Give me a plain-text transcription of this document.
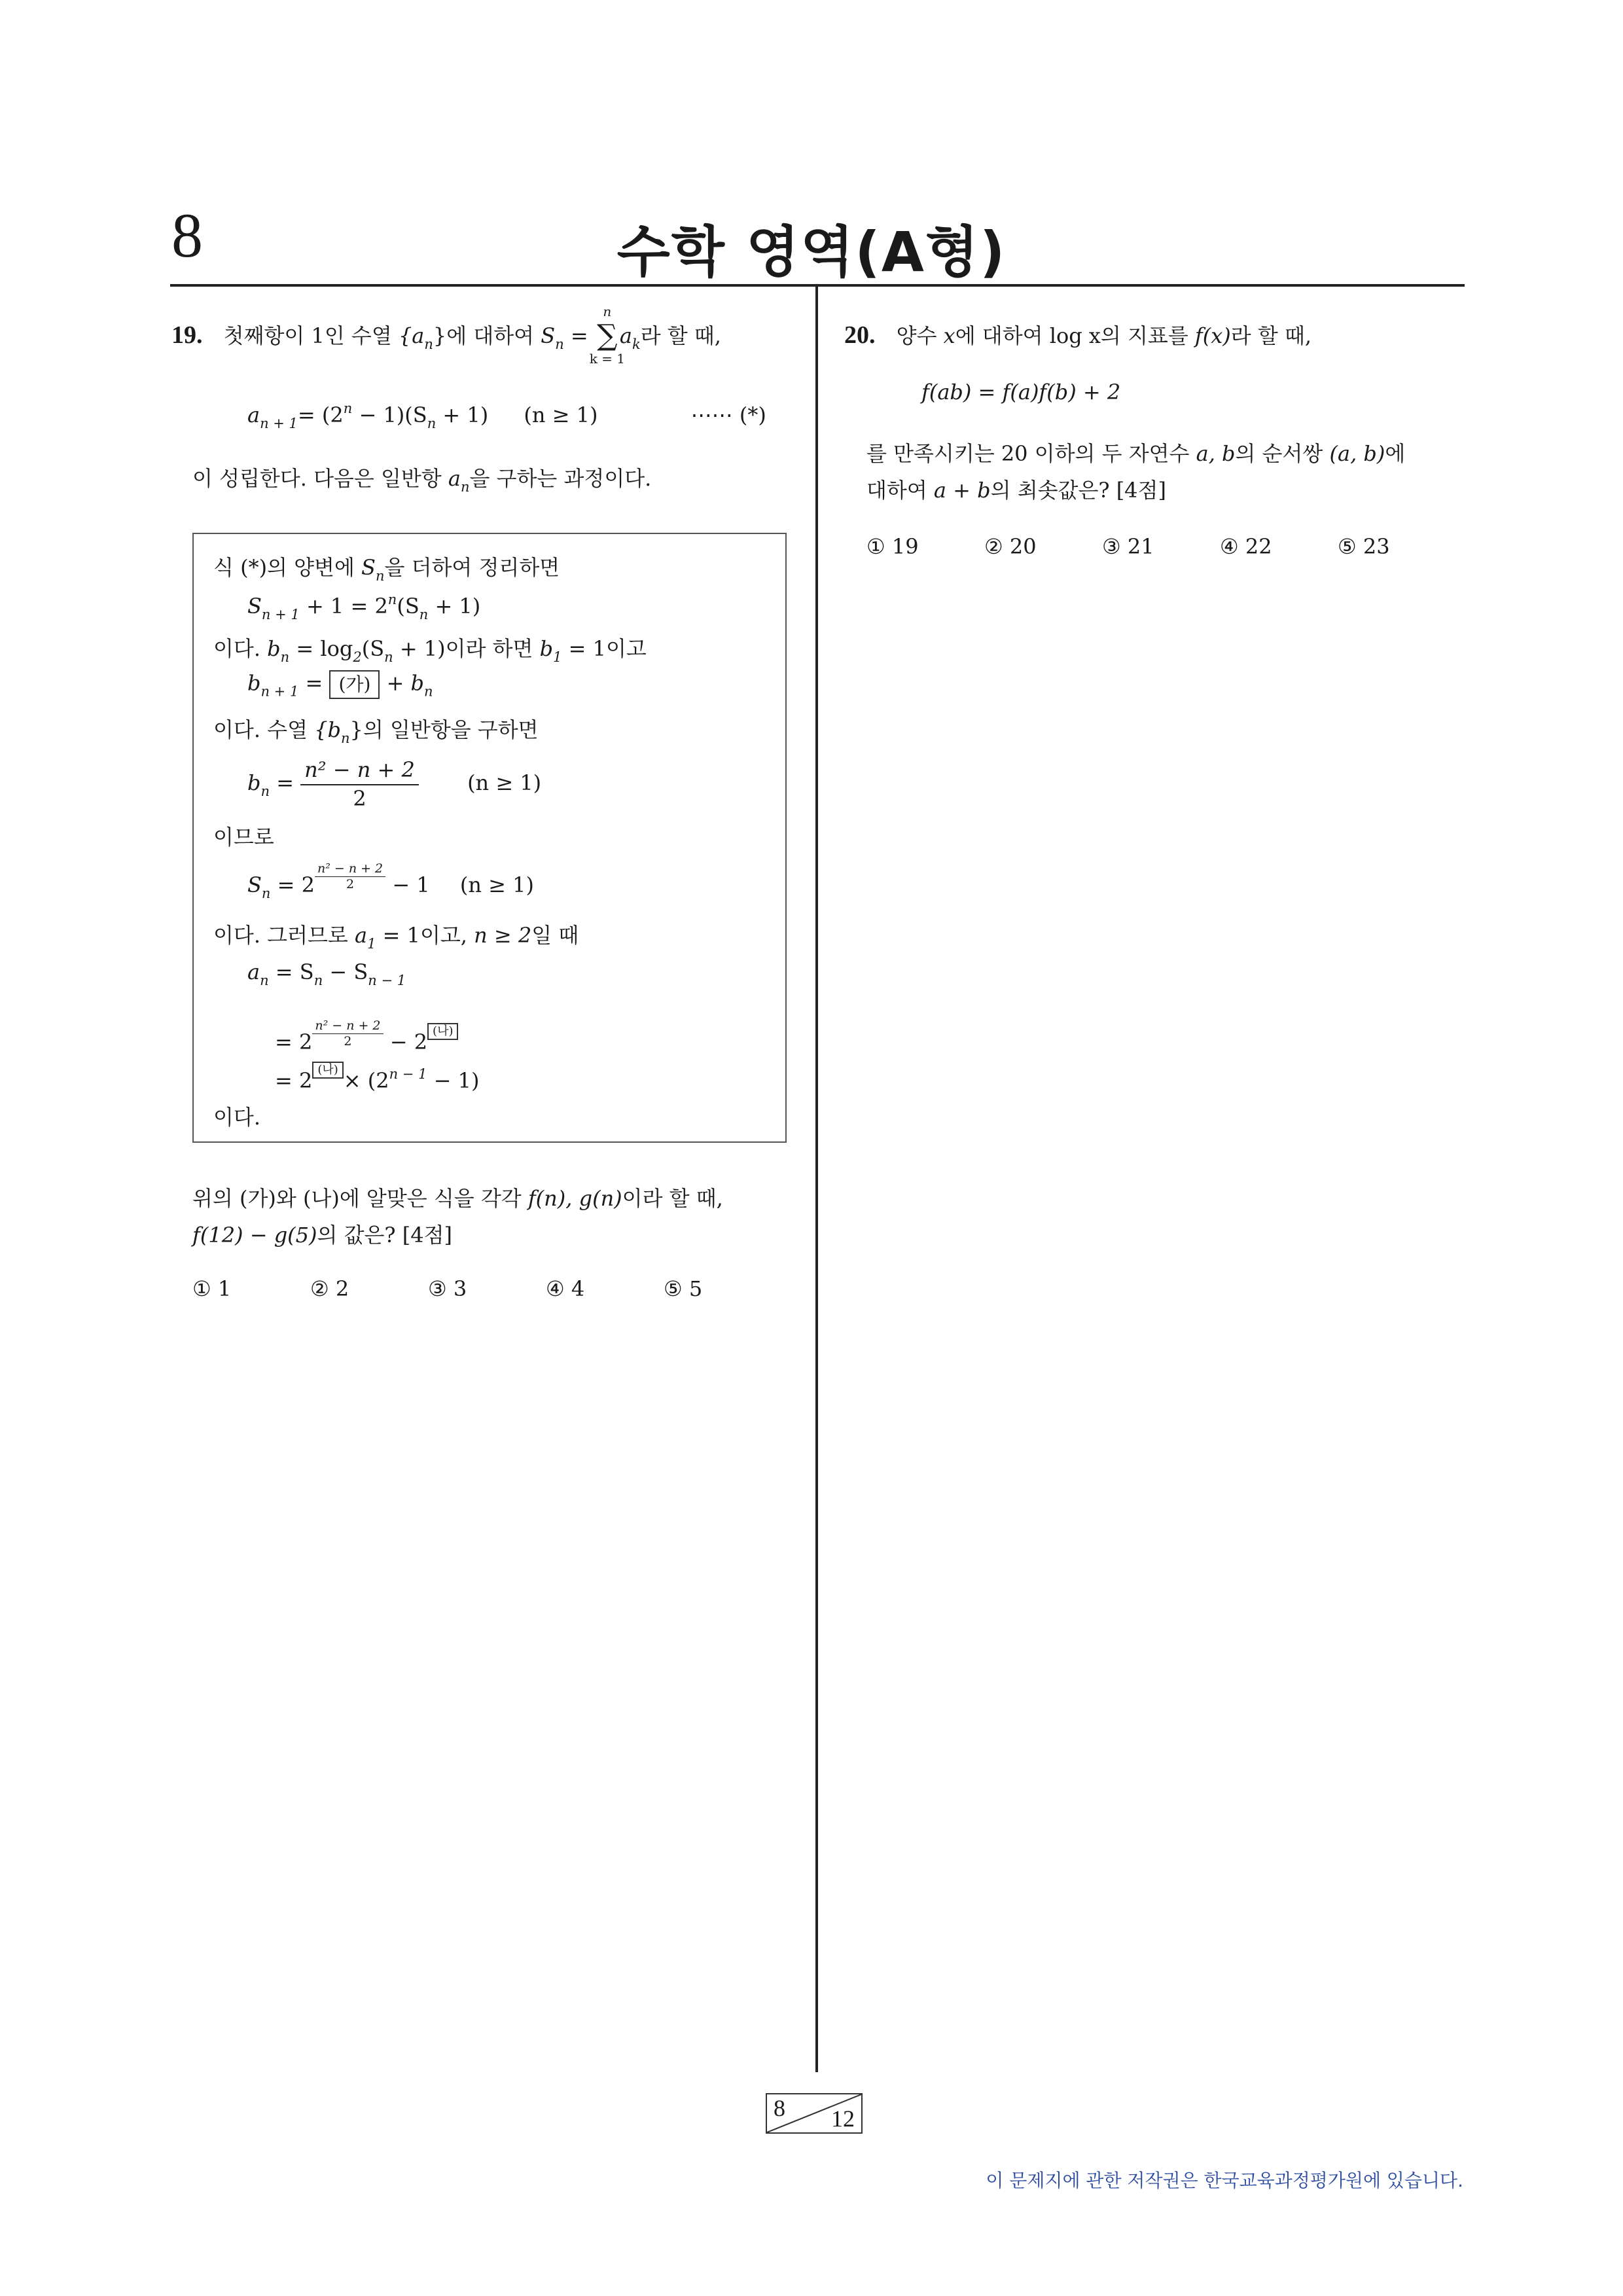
8	수학 영역(A형)
19. 첫째항이 1인 수열 $\{a_n\}$에 대하여 $S_n$ =
n
∑
k = 1
$a_k$라 할 때,
$a_{n + 1}= (2^n - 1)(S_n + 1) (n \ge 1)$	⋯⋯ (*)
이 성립한다. 다음은 일반항 $a_n$을 구하는 과정이다.
식 (*)의 양변에 $S_n$을 더하여 정리하면
$S_{n + 1} + 1 = 2^n(S_n + 1)$
이다. $b_n = \log_2(S_n + 1)$이라 하면 $b_1 = 1$이고
$b_{n + 1}$ = (가) + $b_n$
이다. 수열 $\{b_n\}$의 일반항을 구하면
$b_n = \frac{\text{n² − n + 2}}{2} (n \ge 1)$
이므로
$S_n = 2 \frac{\text{n² − n + 2}}{2} - 1$ (n ≥ 1)
이다. 그러므로 $a_1 = 1$이고, n ≥ 2일 때
$a_n = S_n - S_{n - 1}$
= $2 \frac{\text{n² − n + 2}}{2} - 2$ (나)
= 2 (나) × $(2^{n - 1} - 1)$
이다.
위의 (가)와 (나)에 알맞은 식을 각각 f(n), g(n)이라 할 때,
f(12) − g(5)의 값은? [4점]
① 1	② 2	③ 3	④ 4	⑤ 5
20. 양수 x에 대하여 log x의 지표를 f(x)라 할 때,
f(ab) = f(a)f(b) + 2
를 만족시키는 20 이하의 두 자연수 a, b의 순서쌍 (a, b)에
대하여 a + b의 최솟값은? [4점]
① 19	② 20	③ 21	④ 22	⑤ 23
8 12
이 문제지에 관한 저작권은 한국교육과정평가원에 있습니다.
